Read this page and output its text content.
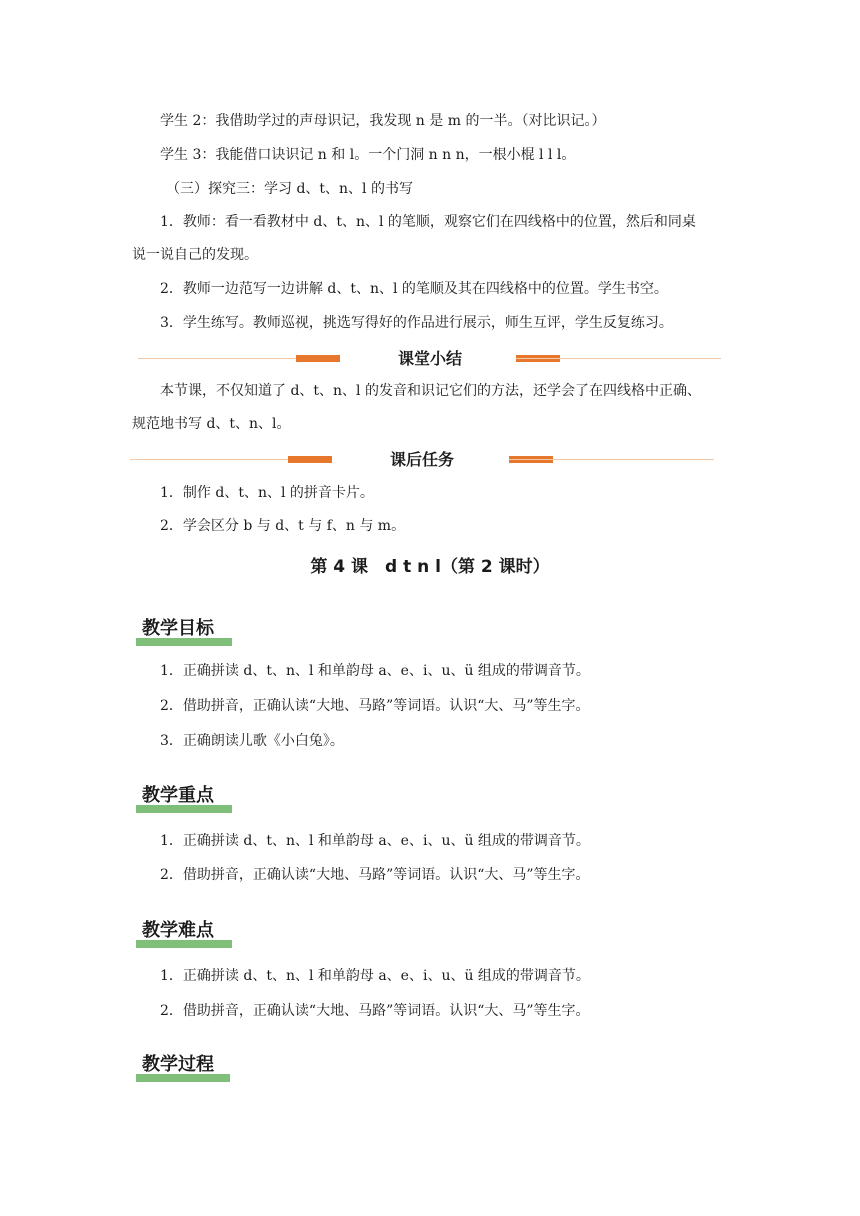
学生 2：我借助学过的声母识记，我发现 n 是 m 的一半。（对比识记。）
学生 3：我能借口诀识记 n 和 l。一个门洞 n n n，一根小棍 l l l。
（三）探究三：学习 d、t、n、l 的书写
1．教师：看一看教材中 d、t、n、l 的笔顺，观察它们在四线格中的位置，然后和同桌
说一说自己的发现。
2．教师一边范写一边讲解 d、t、n、l 的笔顺及其在四线格中的位置。学生书空。
3．学生练写。教师巡视，挑选写得好的作品进行展示，师生互评，学生反复练习。
课堂小结
本节课，不仅知道了 d、t、n、l 的发音和识记它们的方法，还学会了在四线格中正确、
规范地书写 d、t、n、l。
课后任务
1．制作 d、t、n、l 的拼音卡片。
2．学会区分 b 与 d、t 与 f、n 与 m。
第 4 课　d t n l（第 2 课时）
教学目标
1．正确拼读 d、t、n、l 和单韵母 a、e、i、u、ü 组成的带调音节。
2．借助拼音，正确认读“大地、马路”等词语。认识“大、马”等生字。
3．正确朗读儿歌《小白兔》。
教学重点
1．正确拼读 d、t、n、l 和单韵母 a、e、i、u、ü 组成的带调音节。
2．借助拼音，正确认读“大地、马路”等词语。认识“大、马”等生字。
教学难点
1．正确拼读 d、t、n、l 和单韵母 a、e、i、u、ü 组成的带调音节。
2．借助拼音，正确认读“大地、马路”等词语。认识“大、马”等生字。
教学过程
